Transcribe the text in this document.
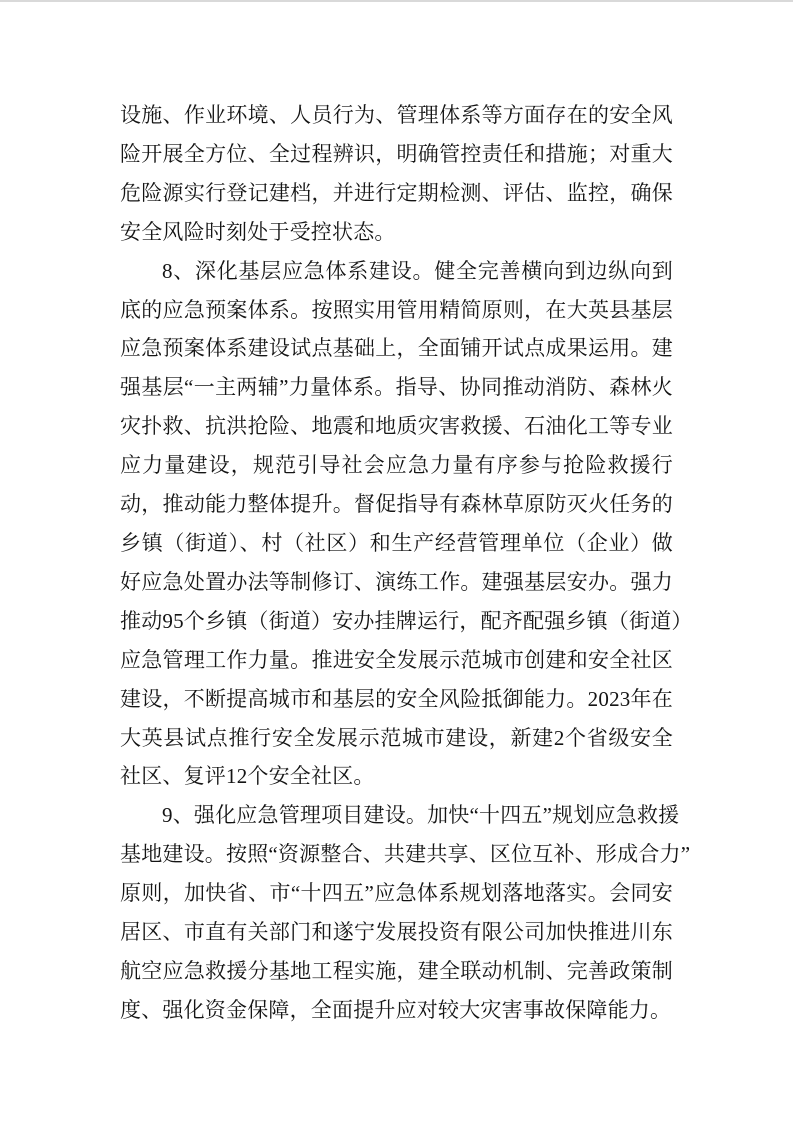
设施、作业环境、人员行为、管理体系等方面存在的安全风
险开展全方位、全过程辨识，明确管控责任和措施；对重大
危险源实行登记建档，并进行定期检测、评估、监控，确保
安全风险时刻处于受控状态。
8、深化基层应急体系建设。健全完善横向到边纵向到
底的应急预案体系。按照实用管用精简原则，在大英县基层
应急预案体系建设试点基础上，全面铺开试点成果运用。建
强基层“一主两辅”力量体系。指导、协同推动消防、森林火
灾扑救、抗洪抢险、地震和地质灾害救援、石油化工等专业
应力量建设，规范引导社会应急力量有序参与抢险救援行
动，推动能力整体提升。督促指导有森林草原防灭火任务的
乡镇（街道）、村（社区）和生产经营管理单位（企业）做
好应急处置办法等制修订、演练工作。建强基层安办。强力
推动95个乡镇（街道）安办挂牌运行，配齐配强乡镇（街道）
应急管理工作力量。推进安全发展示范城市创建和安全社区
建设，不断提高城市和基层的安全风险抵御能力。2023年在
大英县试点推行安全发展示范城市建设，新建2个省级安全
社区、复评12个安全社区。
9、强化应急管理项目建设。加快“十四五”规划应急救援
基地建设。按照“资源整合、共建共享、区位互补、形成合力”
原则，加快省、市“十四五”应急体系规划落地落实。会同安
居区、市直有关部门和遂宁发展投资有限公司加快推进川东
航空应急救援分基地工程实施，建全联动机制、完善政策制
度、强化资金保障，全面提升应对较大灾害事故保障能力。
